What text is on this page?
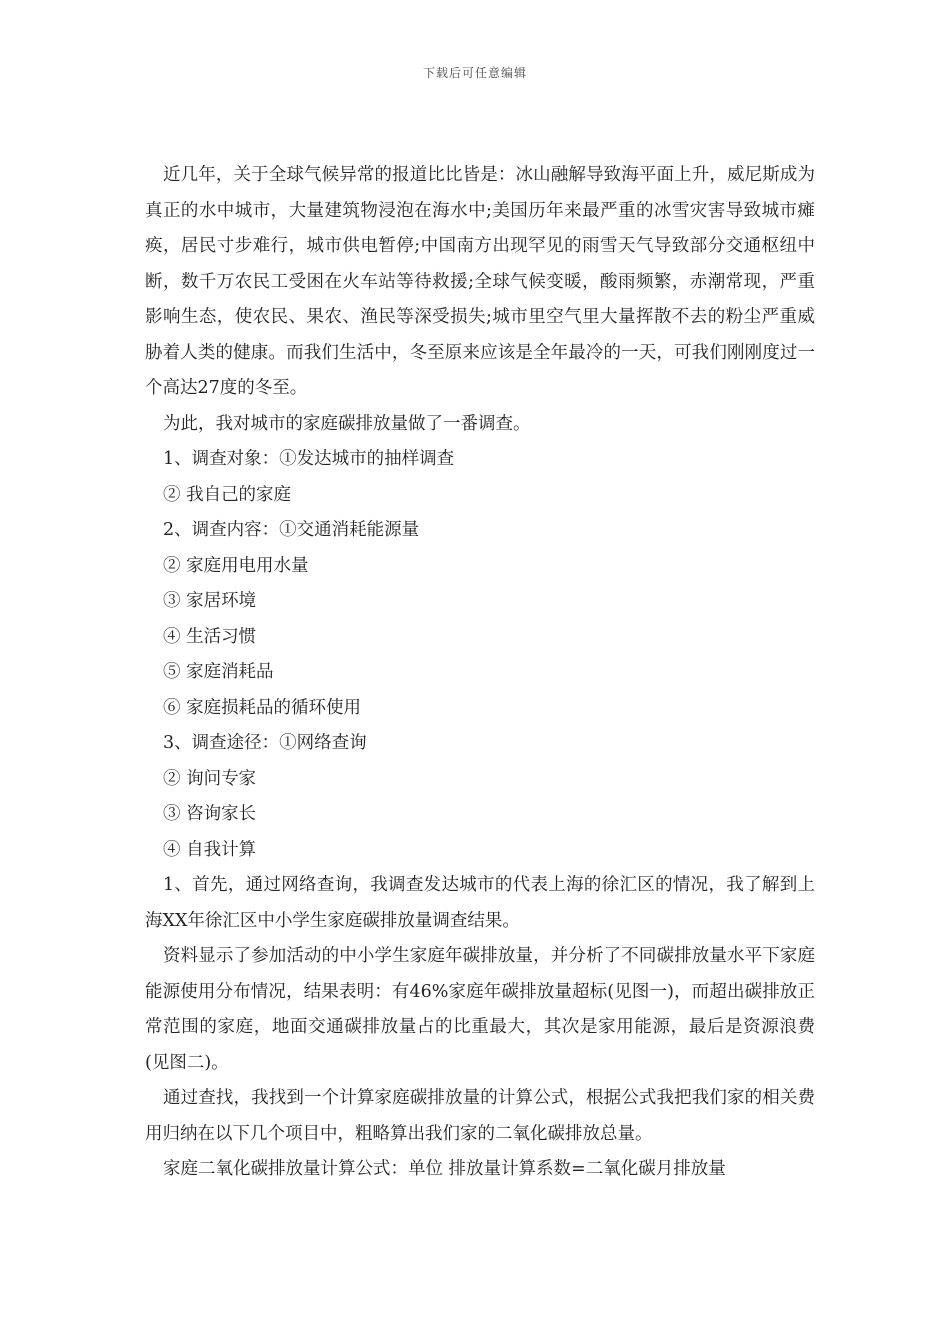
下载后可任意编辑

近几年，关于全球气候异常的报道比比皆是：冰山融解导致海平面上升，威尼斯成为真正的水中城市，大量建筑物浸泡在海水中;美国历年来最严重的冰雪灾害导致城市瘫痪，居民寸步难行，城市供电暂停;中国南方出现罕见的雨雪天气导致部分交通枢纽中断，数千万农民工受困在火车站等待救援;全球气候变暖，酸雨频繁，赤潮常现，严重影响生态，使农民、果农、渔民等深受损失;城市里空气里大量挥散不去的粉尘严重威胁着人类的健康。而我们生活中，冬至原来应该是全年最冷的一天，可我们刚刚度过一个高达27度的冬至。

为此，我对城市的家庭碳排放量做了一番调查。

1、调查对象：①发达城市的抽样调查

② 我自己的家庭

2、调查内容：①交通消耗能源量

② 家庭用电用水量

③ 家居环境

④ 生活习惯

⑤ 家庭消耗品

⑥ 家庭损耗品的循环使用

3、调查途径：①网络查询

② 询问专家

③ 咨询家长

④ 自我计算

1、首先，通过网络查询，我调查发达城市的代表上海的徐汇区的情况，我了解到上海XX年徐汇区中小学生家庭碳排放量调查结果。

资料显示了参加活动的中小学生家庭年碳排放量，并分析了不同碳排放量水平下家庭能源使用分布情况，结果表明：有46%家庭年碳排放量超标(见图一)，而超出碳排放正常范围的家庭，地面交通碳排放量占的比重最大，其次是家用能源，最后是资源浪费(见图二)。

通过查找，我找到一个计算家庭碳排放量的计算公式，根据公式我把我们家的相关费用归纳在以下几个项目中，粗略算出我们家的二氧化碳排放总量。

家庭二氧化碳排放量计算公式：单位 排放量计算系数=二氧化碳月排放量
